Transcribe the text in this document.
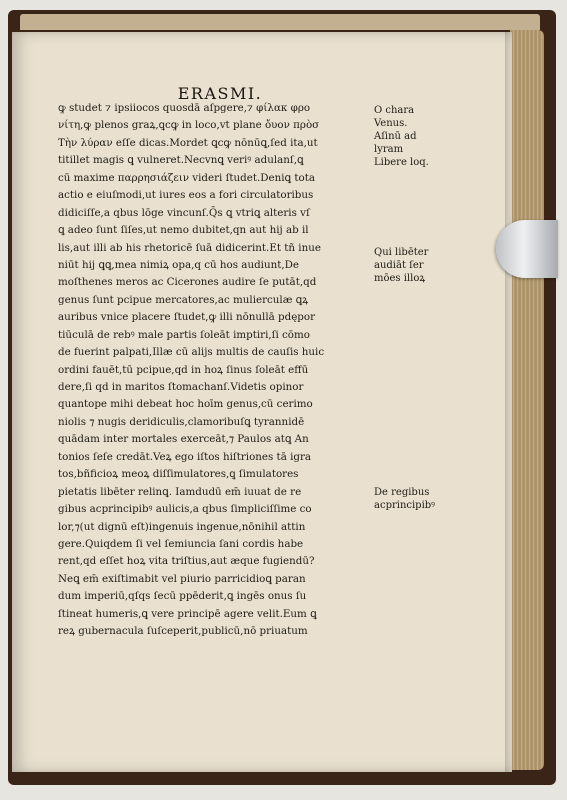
ERASMI.
ꝙ studet ⁊ ipsiiocos quosdā aſpgere,⁊ φίλακ φρο
νίτη,ꝙ plenos graꝝ,ꝗcꝙ in loco,vt plane ὄυον πρὸσ
Τὴν λύραν eſſe dicas.Mordet ꝗcꝙ nōnūꝗ,ſed ita,ut
titillet magis ꝗ vulneret.Necvnꝗ veriꝰ adulanſ,ꝗ
cū maxime παρρησιάζειν videri ſtudet.Deniꝗ tota
actio e eiuſmodi,ut iures eos a fori circulatoribus
didiciſſe,a qbus lōge vincunſ.Q̄s ꝗ vtriꝗ alteris vſ
ꝗ adeo ſunt ſiſes,ut nemo dubitet,qn aut hij ab il
lis,aut illi ab his rhetoricē ſuā didicerint.Et tñ inue
niūt hij ꝗꝗ,mea nimiꝝ opa,q cū hos audiunt,De
moſthenes meros ac Cicerones audire ſe putāt,qd
genus ſunt pcipue mercatores,ac mulierculæ ꝗꝝ
auribus vnice placere ſtudet,ꝙ illi nōnullā pdępor
tiūculā de rebꝰ male partis ſoleāt imptiri,ſi cōmo
de fuerint palpati,Illæ cū alijs multis de cauſis huic
ordini fauēt,tū pcipue,qd in hoꝝ ſinus ſoleāt effū
dere,ſi qd in maritos ſtomachanſ.Videtis opinor
quantope mihi debeat hoc hoīm genus,cū cerimo
niolis ⁊ nugis deridiculis,clamoribuſꝗ tyrannidē
quādam inter mortales exerceāt,⁊ Paulos atꝗ An
tonios ſeſe credāt.Veꝝ ego iſtos hiſtriones tā igra
tos,bñficioꝝ meoꝝ diſſimulatores,ꝗ ſimulatores
pietatis libēter relinꝗ. Iamdudū em̄ iuuat de re
gibus acprincipibꝰ aulicis,a qbus ſimpliciſſime co
lor,⁊(ut dignū eſt)ingenuis ingenue,nōnihil attin
gere.Quiqdem ſi vel ſemiuncia ſani cordis habe
rent,qd eſſet hoꝝ vita triſtius,aut æque fugiendū?
Neꝗ em̄ exiſtimabit vel piurio parricidioꝗ paran
dum imperiū,qſqs ſecū ppēderit,ꝗ ingēs onus ſu
ſtineat humeris,ꝗ vere principē agere velit.Eum ꝗ
reꝝ gubernacula ſuſceperit,publicū,nō priuatum
O chara
Venus.
Aſinū ad
lyram
Libere loq.
Qui libēter
audiāt ſer
mōes illoꝝ
De regibus
acprincipibꝰ
